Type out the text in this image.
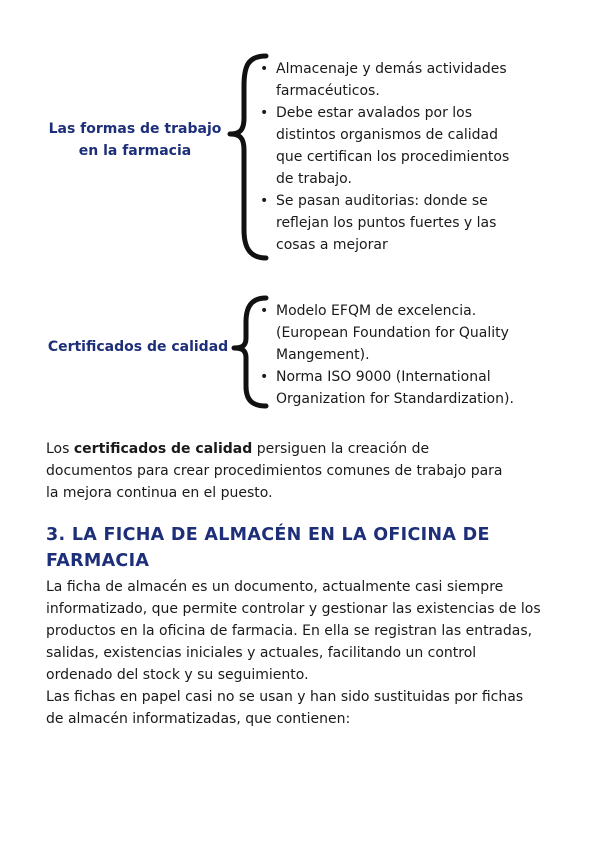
Las formas de trabajo
en la farmacia
• Almacenaje y demás actividades
farmacéuticos.
• Debe estar avalados por los
distintos organismos de calidad
que certifican los procedimientos
de trabajo.
• Se pasan auditorias: donde se
reflejan los puntos fuertes y las
cosas a mejorar
Certificados de calidad
• Modelo EFQM de excelencia.
(European Foundation for Quality
Mangement).
• Norma ISO 9000 (International
Organization for Standardization).
Los certificados de calidad persiguen la creación de
documentos para crear procedimientos comunes de trabajo para
la mejora continua en el puesto.
3. LA FICHA DE ALMACÉN EN LA OFICINA DE
FARMACIA
La ficha de almacén es un documento, actualmente casi siempre
informatizado, que permite controlar y gestionar las existencias de los
productos en la oficina de farmacia. En ella se registran las entradas,
salidas, existencias iniciales y actuales, facilitando un control
ordenado del stock y su seguimiento.
Las fichas en papel casi no se usan y han sido sustituidas por fichas
de almacén informatizadas, que contienen:
